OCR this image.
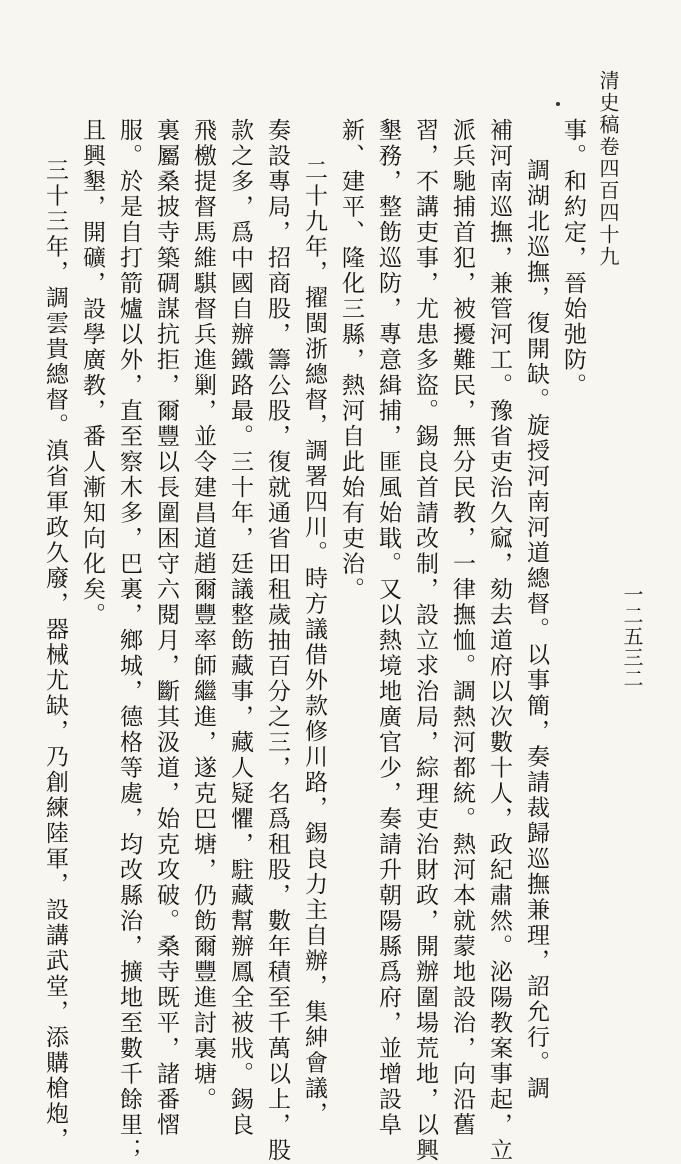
清史稿卷四百四十九
一二五三二
事。和約定，晉始弛防。
調湖北巡撫，復開缺。旋授河南河道總督。以事簡，奏請裁歸巡撫兼理，詔允行。調
補河南巡撫，兼管河工。豫省吏治久窳，劾去道府以次數十人，政紀肅然。泌陽教案事起，立
派兵馳捕首犯，被擾難民，無分民教，一律撫恤。調熱河都統。熱河本就蒙地設治，向沿舊
習，不講吏事，尤患多盜。錫良首請改制，設立求治局，綜理吏治財政，開辦圍場荒地，以興
墾務，整飭巡防，專意緝捕，匪風始戢。又以熱境地廣官少，奏請升朝陽縣爲府，並增設阜
新、建平、隆化三縣，熱河自此始有吏治。
二十九年，擢閩浙總督，調署四川。時方議借外款修川路，錫良力主自辦，集紳會議，
奏設專局，招商股，籌公股，復就通省田租歲抽百分之三，名爲租股，數年積至千萬以上，股
款之多，爲中國自辦鐵路最。三十年，廷議整飭藏事，藏人疑懼，駐藏幫辦鳳全被戕。錫良
飛檄提督馬維騏督兵進剿，並令建昌道趙爾豐率師繼進，遂克巴塘，仍飭爾豐進討裏塘。
裏屬桑披寺築碉謀抗拒，爾豐以長圍困守六閱月，斷其汲道，始克攻破。桑寺既平，諸番慴
服。於是自打箭爐以外，直至察木多，巴裏，鄉城，德格等處，均改縣治，擴地至數千餘里；
且興墾，開礦，設學廣教，番人漸知向化矣。
三十三年，調雲貴總督。滇省軍政久廢，器械尤缺，乃創練陸軍，設講武堂，添購槍炮，
